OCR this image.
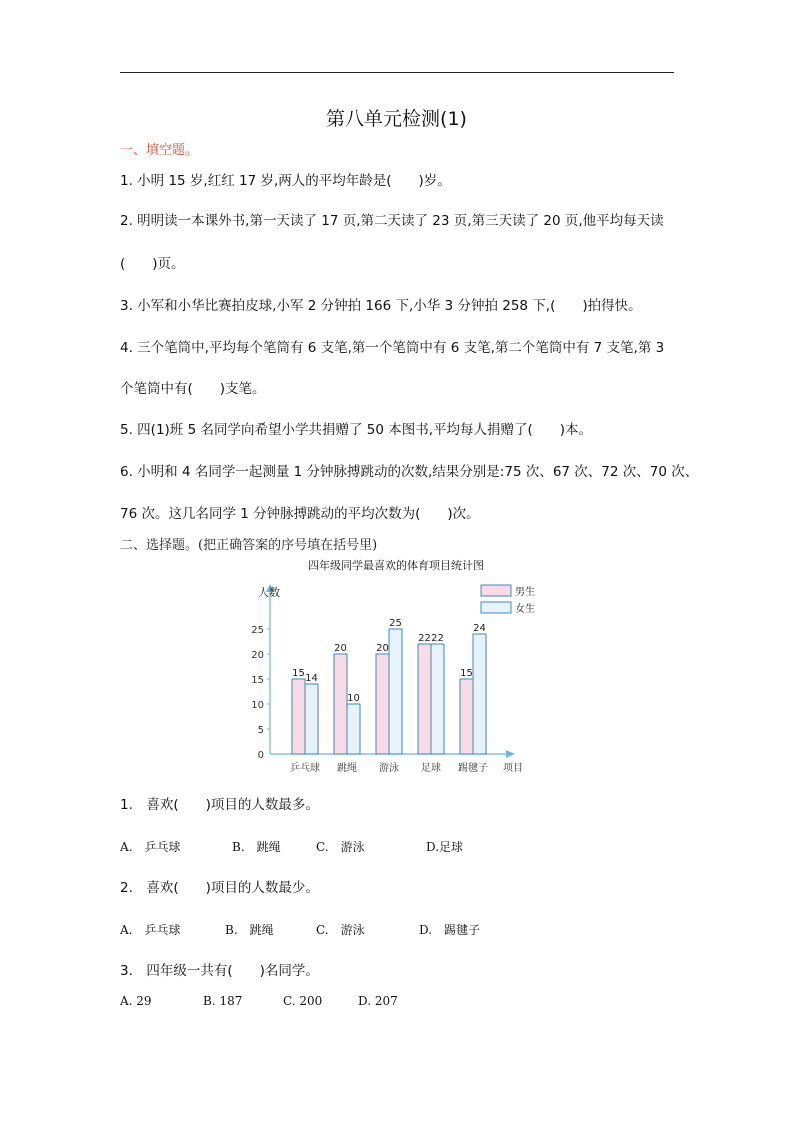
第八单元检测(1)
一、填空题。
1. 小明 15 岁,红红 17 岁,两人的平均年龄是(　　)岁。
2. 明明读一本课外书,第一天读了 17 页,第二天读了 23 页,第三天读了 20 页,他平均每天读
(　　)页。
3. 小军和小华比赛拍皮球,小军 2 分钟拍 166 下,小华 3 分钟拍 258 下,(　　)拍得快。
4. 三个笔筒中,平均每个笔筒有 6 支笔,第一个笔筒中有 6 支笔,第二个笔筒中有 7 支笔,第 3
个笔筒中有(　　)支笔。
5. 四(1)班 5 名同学向希望小学共捐赠了 50 本图书,平均每人捐赠了(　　)本。
6. 小明和 4 名同学一起测量 1 分钟脉搏跳动的次数,结果分别是:75 次、67 次、72 次、70 次、
76 次。这几名同学 1 分钟脉搏跳动的平均次数为(　　)次。
二、选择题。(把正确答案的序号填在括号里)
四年级同学最喜欢的体育项目统计图
人数
0
5
10
15
20
25
15 14
乒乓球
20
10
跳绳
20
25
游泳
22 22
足球
15
24
踢毽子 项目
男生
女生
1.　喜欢(　　)项目的人数最多。
A.　乒乓球	B.　跳绳	C.　游泳	D.足球
2.　喜欢(　　)项目的人数最少。
A.　乒乓球	B.　跳绳	C.　游泳	D.　踢毽子
3.　四年级一共有(　　)名同学。
A. 29	B. 187	C. 200	D. 207
